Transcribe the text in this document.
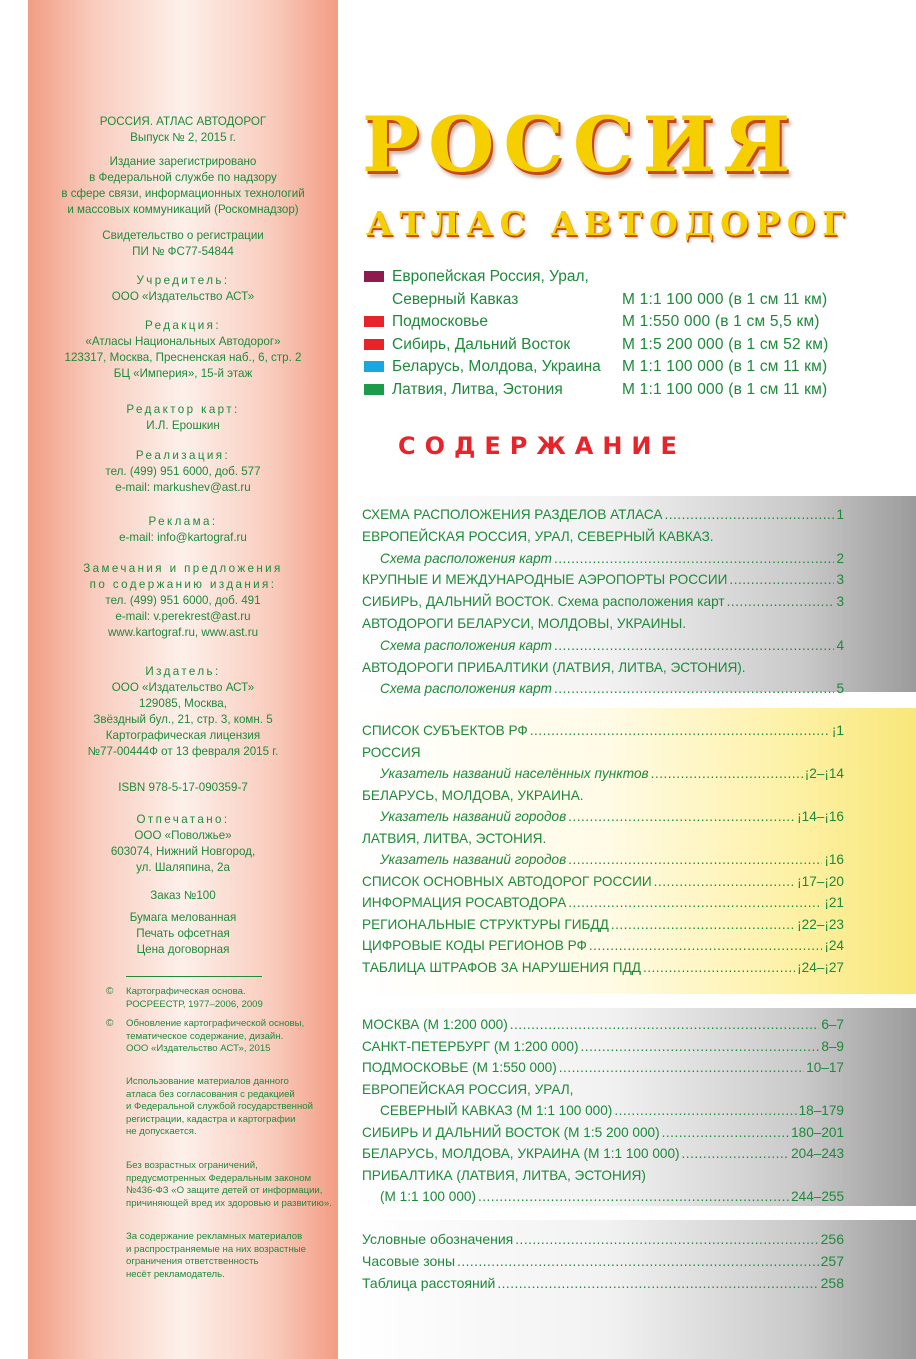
РОССИЯ. АТЛАС АВТОДОРОГ
Выпуск № 2, 2015 г.
Издание зарегистрировано
в Федеральной службе по надзору
в сфере связи, информационных технологий
и массовых коммуникаций (Роскомнадзор)
Свидетельство о регистрации
ПИ № ФС77-54844
Учредитель:
ООО «Издательство АСТ»
Редакция:
«Атласы Национальных Автодорог»
123317, Москва, Пресненская наб., 6, стр. 2
БЦ «Империя», 15-й этаж
Редактор карт:
И.Л. Ерошкин
Реализация:
тел. (499) 951 6000, доб. 577
e-mail: markushev@ast.ru
Реклама:
e-mail: info@kartograf.ru
Замечания и предложения
по содержанию издания:
тел. (499) 951 6000, доб. 491
e-mail: v.perekrest@ast.ru
www.kartograf.ru, www.ast.ru
Издатель:
ООО «Издательство АСТ»
129085, Москва,
Звёздный бул., 21, стр. 3, комн. 5
Картографическая лицензия
№77-00444Ф от 13 февраля 2015 г.
ISBN 978-5-17-090359-7
Отпечатано:
ООО «Поволжье»
603074, Нижний Новгород,
ул. Шаляпина, 2а
Заказ №100
Бумага мелованная
Печать офсетная
Цена договорная
© Картографическая основа.
РОСРЕЕСТР, 1977–2006, 2009
© Обновление картографической основы,
тематическое содержание, дизайн.
ООО «Издательство АСТ», 2015
Использование материалов данного
атласа без согласования с редакцией
и Федеральной службой государственной
регистрации, кадастра и картографии
не допускается.
Без возрастных ограничений,
предусмотренных Федеральным законом
№436-ФЗ «О защите детей от информации,
причиняющей вред их здоровью и развитию».
За содержание рекламных материалов
и распространяемые на них возрастные
ограничения ответственность
несёт рекламодатель.
РОССИЯ
АТЛАС АВТОДОРОГ
Европейская Россия, Урал,
Северный Кавказ	М 1:1 100 000 (в 1 см 11 км)
Подмосковье	М 1:550 000 (в 1 см 5,5 км)
Сибирь, Дальний Восток	М 1:5 200 000 (в 1 см 52 км)
Беларусь, Молдова, Украина М 1:1 100 000 (в 1 см 11 км)
Латвия, Литва, Эстония	М 1:1 100 000 (в 1 см 11 км)
СОДЕРЖАНИЕ
СХЕМА РАСПОЛОЖЕНИЯ РАЗДЕЛОВ АТЛАСА .....	1
ЕВРОПЕЙСКАЯ РОССИЯ, УРАЛ, СЕВЕРНЫЙ КАВКАЗ.
Схема расположения карт .....	2
КРУПНЫЕ И МЕЖДУНАРОДНЫЕ АЭРОПОРТЫ РОССИИ .....	3
СИБИРЬ, ДАЛЬНИЙ ВОСТОК. Схема расположения карт .....	3
АВТОДОРОГИ БЕЛАРУСИ, МОЛДОВЫ, УКРАИНЫ.
Схема расположения карт .....	4
АВТОДОРОГИ ПРИБАЛТИКИ (ЛАТВИЯ, ЛИТВА, ЭСТОНИЯ).
Схема расположения карт .....	5
СПИСОК СУБЪЕКТОВ РФ .....	¡1
РОССИЯ
Указатель названий населённых пунктов .....	¡2–¡14
БЕЛАРУСЬ, МОЛДОВА, УКРАИНА.
Указатель названий городов .....	¡14–¡16
ЛАТВИЯ, ЛИТВА, ЭСТОНИЯ.
Указатель названий городов .....	¡16
СПИСОК ОСНОВНЫХ АВТОДОРОГ РОССИИ .....	¡17–¡20
ИНФОРМАЦИЯ РОСАВТОДОРА .....	¡21
РЕГИОНАЛЬНЫЕ СТРУКТУРЫ ГИБДД .....	¡22–¡23
ЦИФРОВЫЕ КОДЫ РЕГИОНОВ РФ .....	¡24
ТАБЛИЦА ШТРАФОВ ЗА НАРУШЕНИЯ ПДД .....	¡24–¡27
МОСКВА (М 1:200 000) .....	6–7
САНКТ-ПЕТЕРБУРГ (М 1:200 000) .....	8–9
ПОДМОСКОВЬЕ (М 1:550 000) .....	10–17
ЕВРОПЕЙСКАЯ РОССИЯ, УРАЛ,
СЕВЕРНЫЙ КАВКАЗ (М 1:1 100 000) .....	18–179
СИБИРЬ И ДАЛЬНИЙ ВОСТОК (М 1:5 200 000) .....	180–201
БЕЛАРУСЬ, МОЛДОВА, УКРАИНА (М 1:1 100 000) .....	204–243
ПРИБАЛТИКА (ЛАТВИЯ, ЛИТВА, ЭСТОНИЯ)
(М 1:1 100 000) .....	244–255
Условные обозначения .....	256
Часовые зоны .....	257
Таблица расстояний .....	258
